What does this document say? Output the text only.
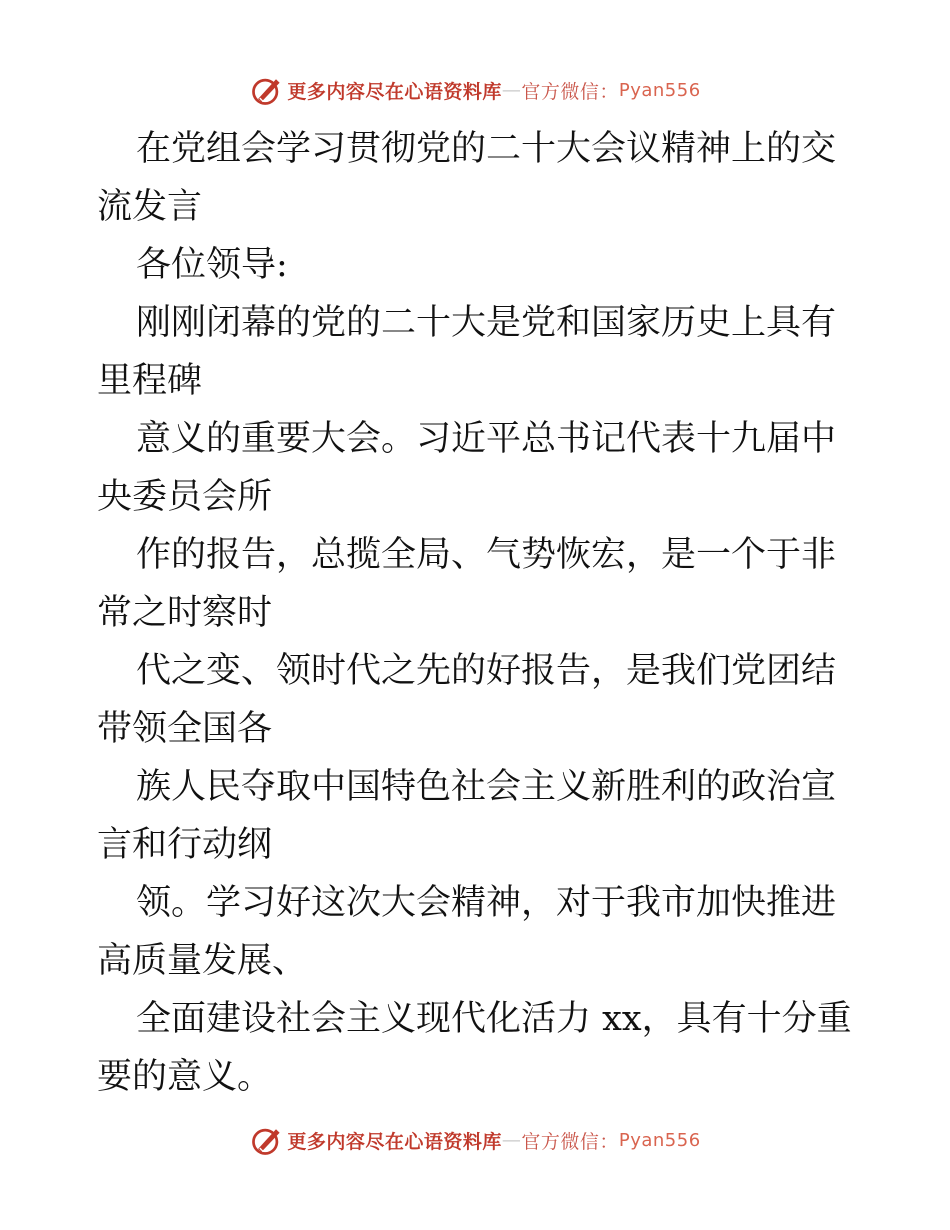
更多内容尽在心语资料库 — 官方微信： Pyan556

在党组会学习贯彻党的二十大会议精神上的交流发言

各位领导:

刚刚闭幕的党的二十大是党和国家历史上具有里程碑

意义的重要大会。习近平总书记代表十九届中央委员会所

作的报告，总揽全局、气势恢宏，是一个于非常之时察时

代之变、领时代之先的好报告，是我们党团结带领全国各

族人民夺取中国特色社会主义新胜利的政治宣言和行动纲

领。学习好这次大会精神，对于我市加快推进高质量发展、

全面建设社会主义现代化活力 xx，具有十分重要的意义。

更多内容尽在心语资料库 — 官方微信： Pyan556
